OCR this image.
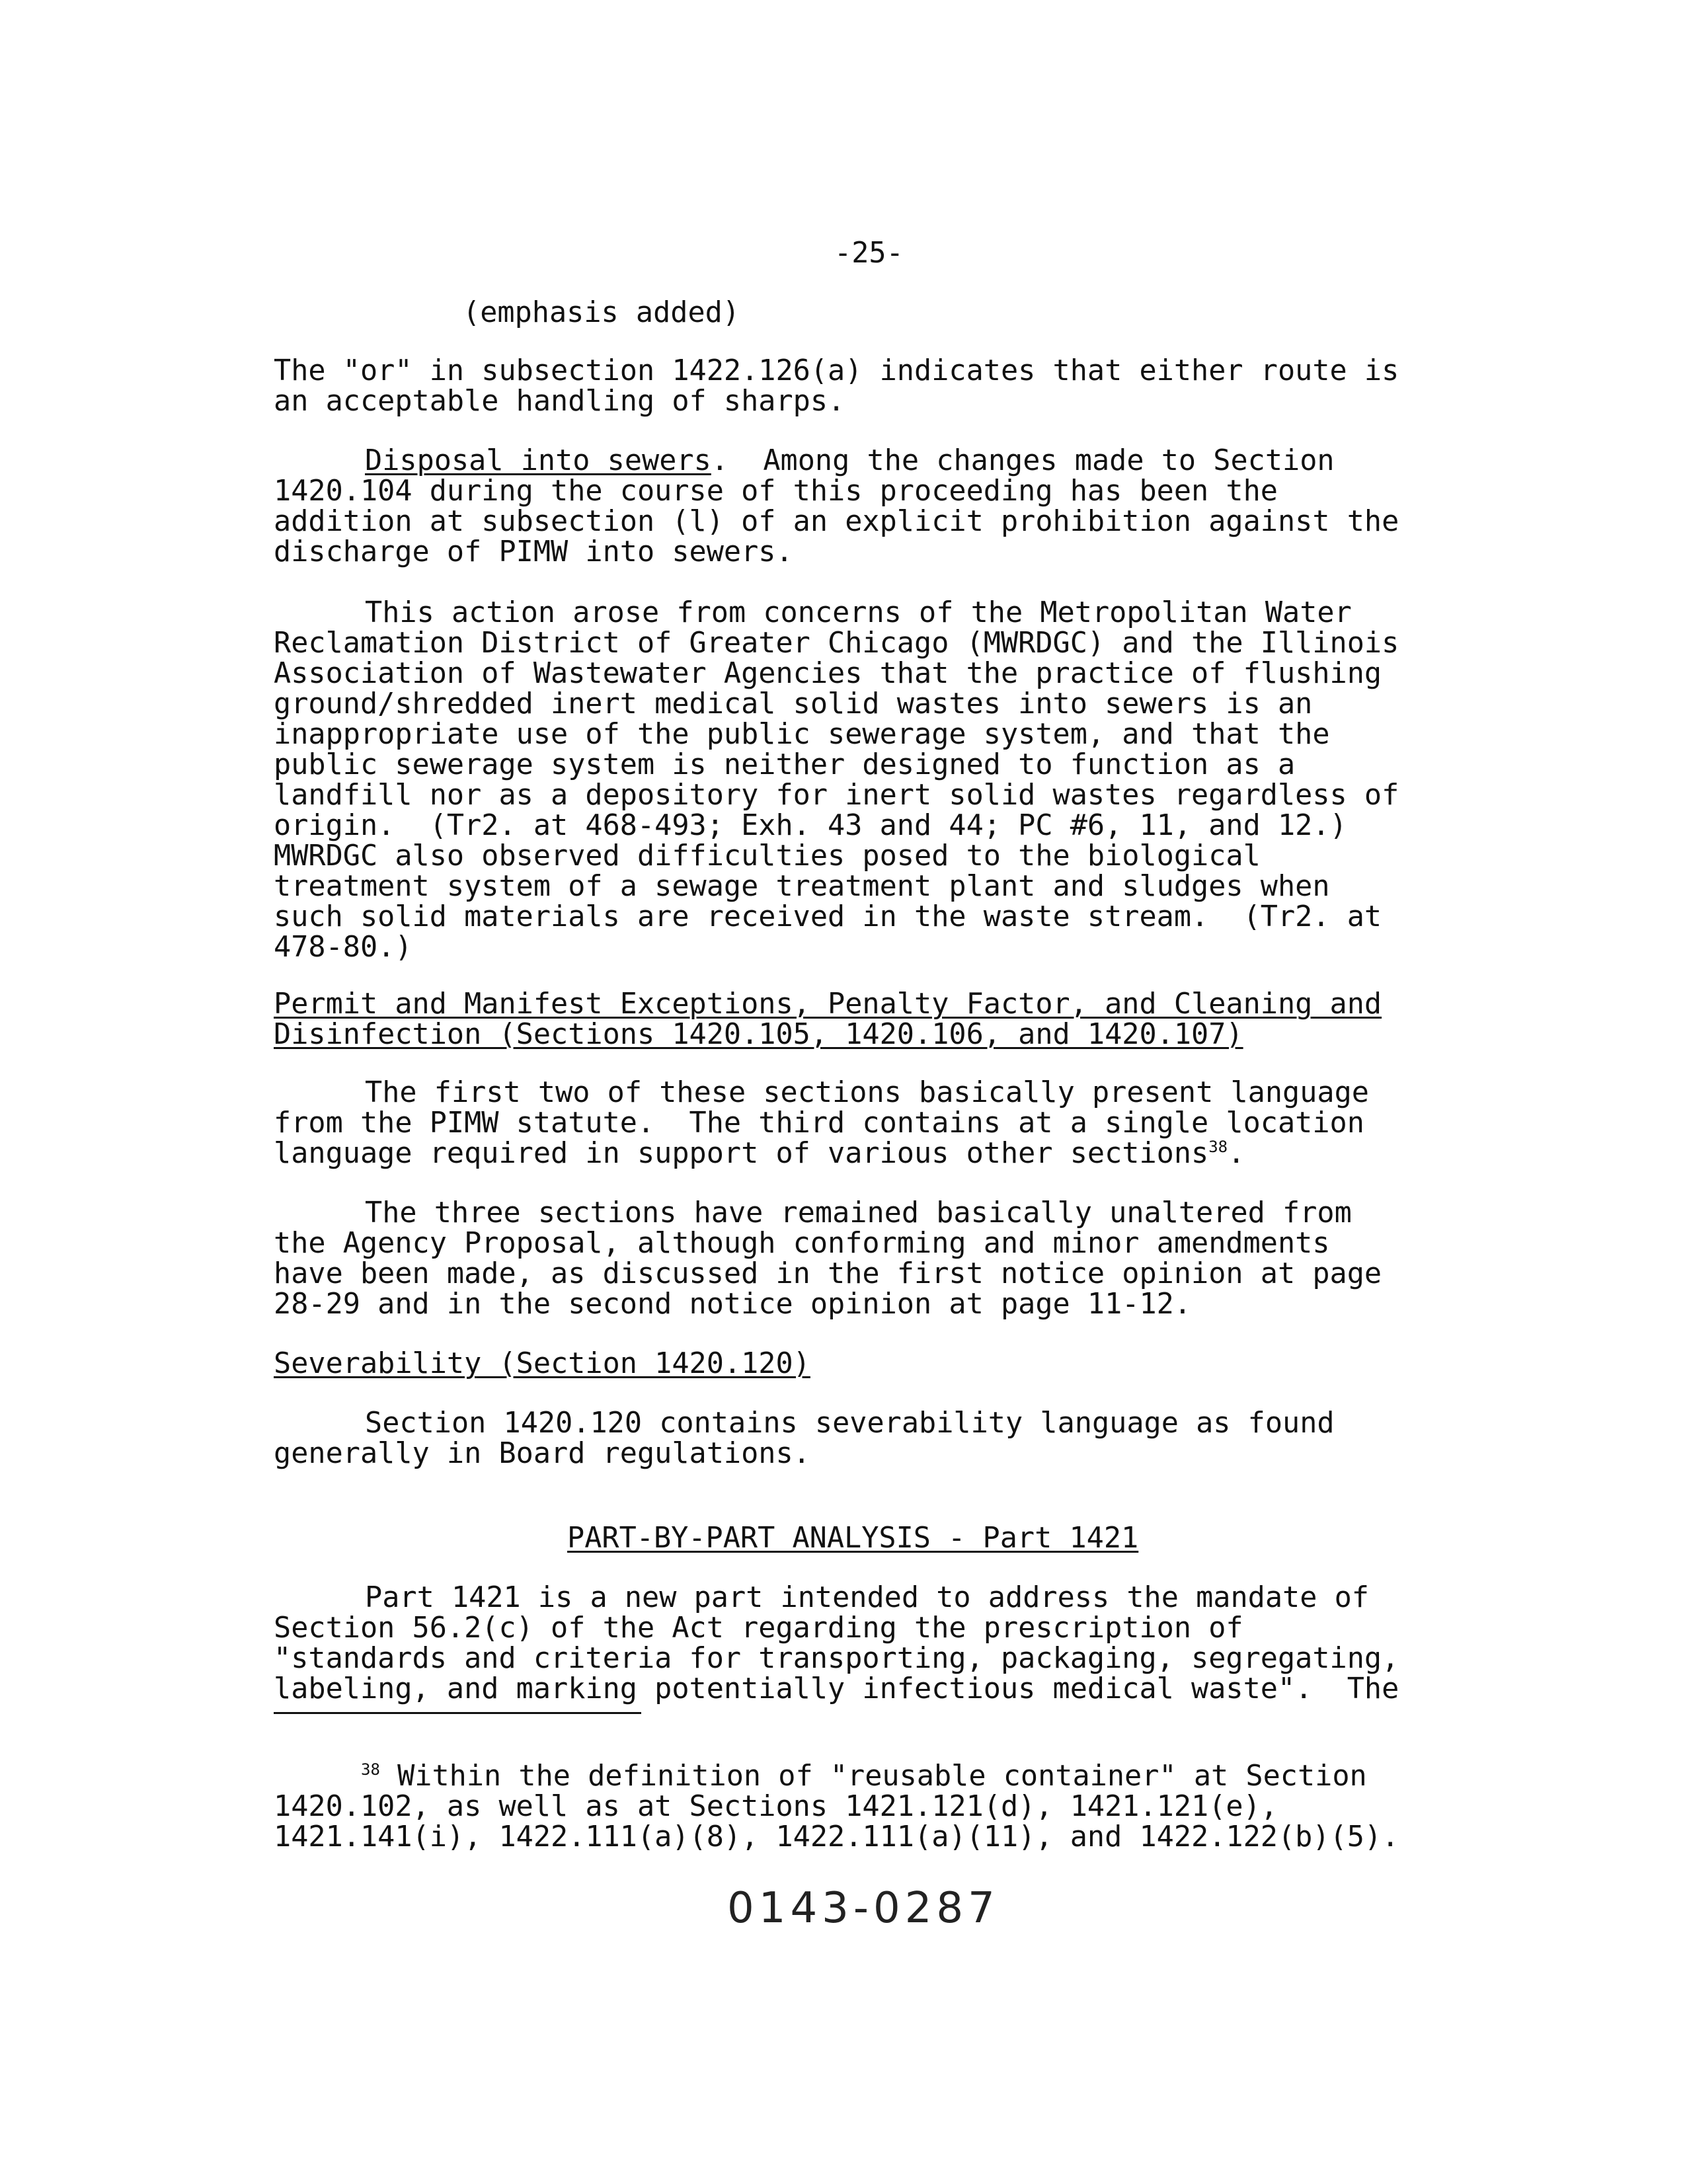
-25-
(emphasis added)
The "or" in subsection 1422.126(a) indicates that either route is
an acceptable handling of sharps.
Disposal into sewers.  Among the changes made to Section
1420.104 during the course of this proceeding has been the
addition at subsection (l) of an explicit prohibition against the
discharge of PIMW into sewers.
This action arose from concerns of the Metropolitan Water
Reclamation District of Greater Chicago (MWRDGC) and the Illinois
Association of Wastewater Agencies that the practice of flushing
ground/shredded inert medical solid wastes into sewers is an
inappropriate use of the public sewerage system, and that the
public sewerage system is neither designed to function as a
landfill nor as a depository for inert solid wastes regardless of
origin.  (Tr2. at 468-493; Exh. 43 and 44; PC #6, 11, and 12.)
MWRDGC also observed difficulties posed to the biological
treatment system of a sewage treatment plant and sludges when
such solid materials are received in the waste stream.  (Tr2. at
478-80.)
Permit and Manifest Exceptions, Penalty Factor, and Cleaning and
Disinfection (Sections 1420.105, 1420.106, and 1420.107)
The first two of these sections basically present language
from the PIMW statute.  The third contains at a single location
language required in support of various other sections$^{38}$.
The three sections have remained basically unaltered from
the Agency Proposal, although conforming and minor amendments
have been made, as discussed in the first notice opinion at page
28-29 and in the second notice opinion at page 11-12.
Severability (Section 1420.120)
Section 1420.120 contains severability language as found
generally in Board regulations.
PART-BY-PART ANALYSIS - Part 1421
Part 1421 is a new part intended to address the mandate of
Section 56.2(c) of the Act regarding the prescription of
"standards and criteria for transporting, packaging, segregating,
labeling, and marking potentially infectious medical waste".  The
$^{38}$ Within the definition of "reusable container" at Section
1420.102, as well as at Sections 1421.121(d), 1421.121(e),
1421.141(i), 1422.111(a)(8), 1422.111(a)(11), and 1422.122(b)(5).
0143-0287
